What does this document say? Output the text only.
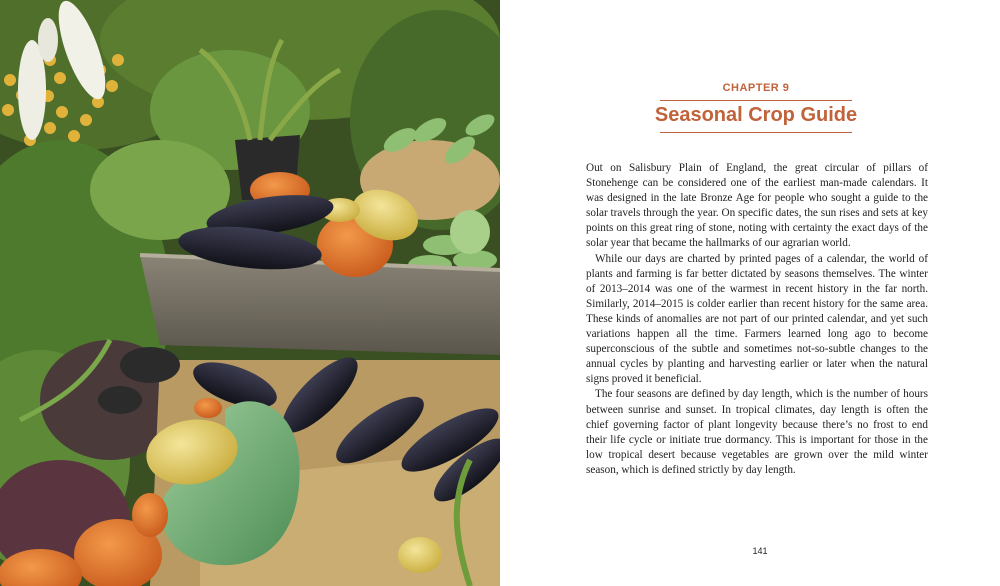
CHAPTER 9
Seasonal Crop Guide

Out on Salisbury Plain of England, the great circular of pillars of Stonehenge can be considered one of the earliest man-made calendars. It was designed in the late Bronze Age for people who sought a guide to the solar travels through the year. On specific dates, the sun rises and sets at key points on this great ring of stone, noting with certainty the exact days of the solar year that became the hallmarks of our agrarian world.

While our days are charted by printed pages of a calendar, the world of plants and farming is far better dictated by seasons themselves. The winter of 2013–2014 was one of the warmest in recent history in the far north. Similarly, 2014–2015 is colder earlier than recent history for the same area. These kinds of anomalies are not part of our printed calendar, and yet such variations happen all the time. Farmers learned long ago to become superconscious of the subtle and sometimes not-so-subtle changes to the annual cycles by planting and harvesting earlier or later when the natural signs proved it beneficial.

The four seasons are defined by day length, which is the number of hours between sunrise and sunset. In tropical climates, day length is often the chief governing factor of plant longevity because there’s no frost to end their life cycle or initiate true dormancy. This is important for those in the low tropical desert because vegetables are grown over the mild winter season, which is defined strictly by day length.

141
